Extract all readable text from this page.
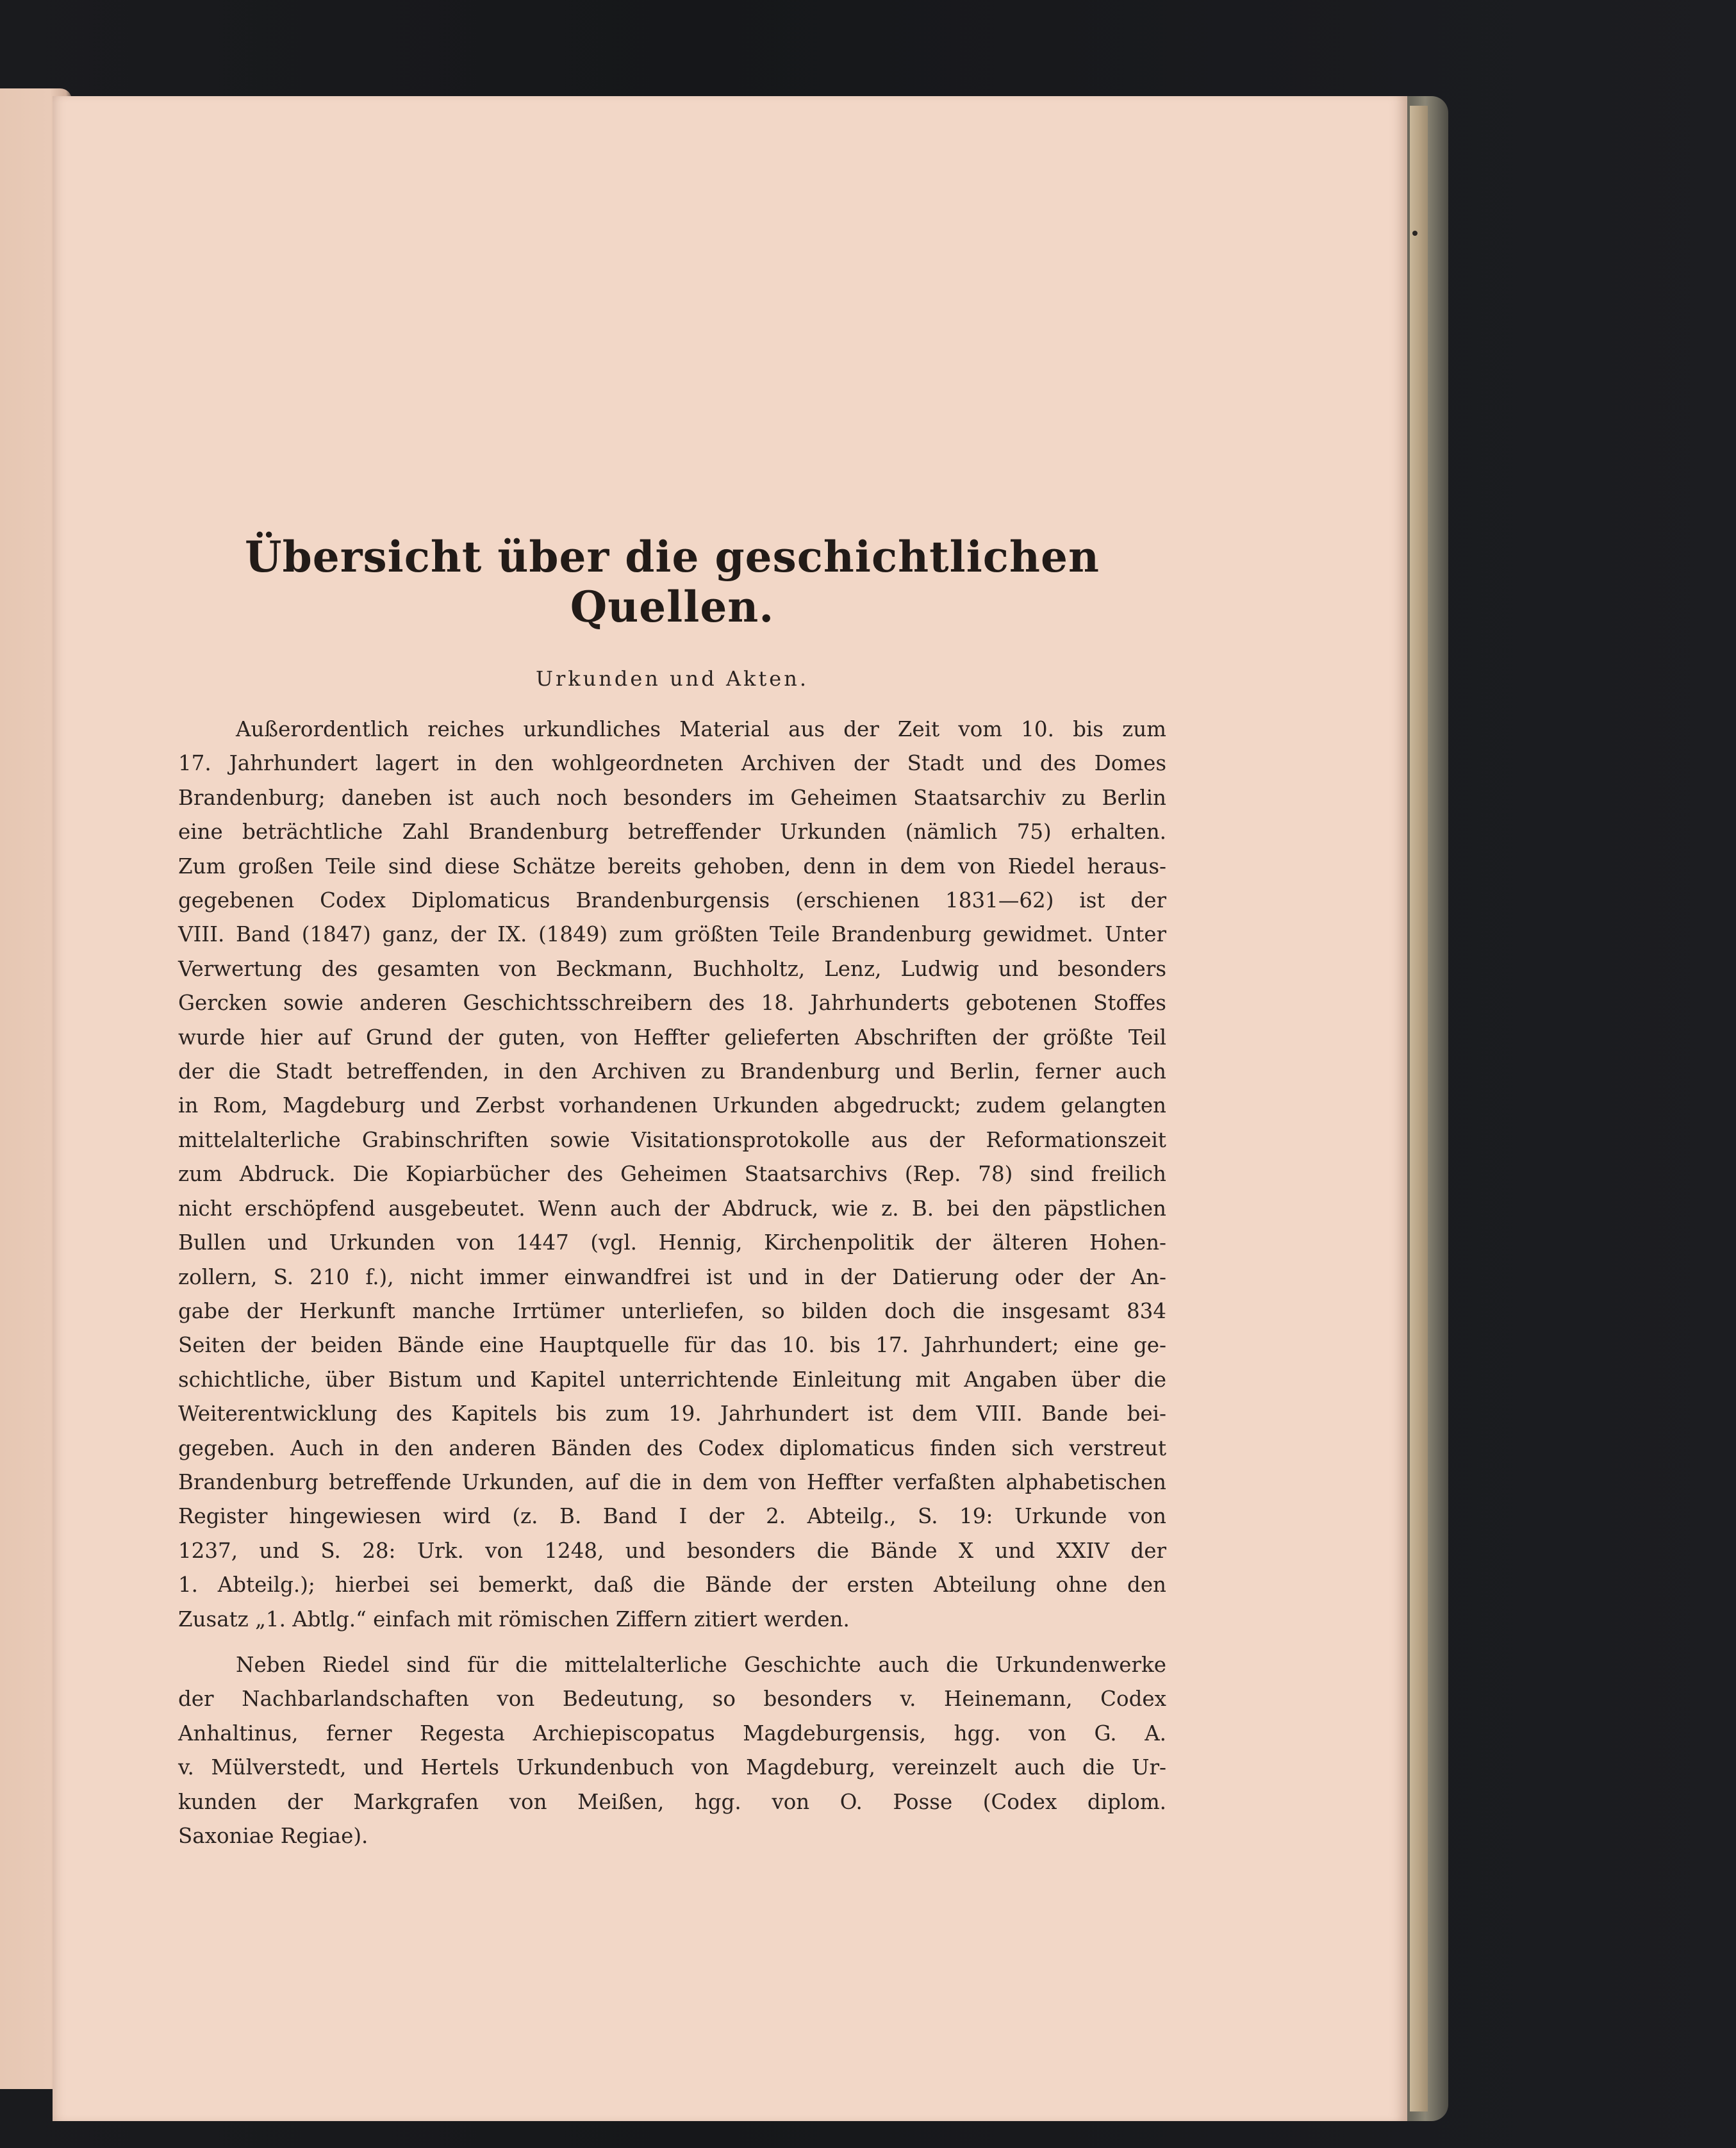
Übersicht über die geschichtlichen Quellen.
Urkunden und Akten.
Außerordentlich reiches urkundliches Material aus der Zeit vom 10. bis zum
17. Jahrhundert lagert in den wohlgeordneten Archiven der Stadt und des Domes
Brandenburg; daneben ist auch noch besonders im Geheimen Staatsarchiv zu Berlin
eine beträchtliche Zahl Brandenburg betreffender Urkunden (nämlich 75) erhalten.
Zum großen Teile sind diese Schätze bereits gehoben, denn in dem von Riedel heraus-
gegebenen Codex Diplomaticus Brandenburgensis (erschienen 1831—62) ist der
VIII. Band (1847) ganz, der IX. (1849) zum größten Teile Brandenburg gewidmet. Unter
Verwertung des gesamten von Beckmann, Buchholtz, Lenz, Ludwig und besonders
Gercken sowie anderen Geschichtsschreibern des 18. Jahrhunderts gebotenen Stoffes
wurde hier auf Grund der guten, von Heffter gelieferten Abschriften der größte Teil
der die Stadt betreffenden, in den Archiven zu Brandenburg und Berlin, ferner auch
in Rom, Magdeburg und Zerbst vorhandenen Urkunden abgedruckt; zudem gelangten
mittelalterliche Grabinschriften sowie Visitationsprotokolle aus der Reformationszeit
zum Abdruck. Die Kopiarbücher des Geheimen Staatsarchivs (Rep. 78) sind freilich
nicht erschöpfend ausgebeutet. Wenn auch der Abdruck, wie z. B. bei den päpstlichen
Bullen und Urkunden von 1447 (vgl. Hennig, Kirchenpolitik der älteren Hohen-
zollern, S. 210 f.), nicht immer einwandfrei ist und in der Datierung oder der An-
gabe der Herkunft manche Irrtümer unterliefen, so bilden doch die insgesamt 834
Seiten der beiden Bände eine Hauptquelle für das 10. bis 17. Jahrhundert; eine ge-
schichtliche, über Bistum und Kapitel unterrichtende Einleitung mit Angaben über die
Weiterentwicklung des Kapitels bis zum 19. Jahrhundert ist dem VIII. Bande bei-
gegeben. Auch in den anderen Bänden des Codex diplomaticus finden sich verstreut
Brandenburg betreffende Urkunden, auf die in dem von Heffter verfaßten alphabetischen
Register hingewiesen wird (z. B. Band I der 2. Abteilg., S. 19: Urkunde von
1237, und S. 28: Urk. von 1248, und besonders die Bände X und XXIV der
1. Abteilg.); hierbei sei bemerkt, daß die Bände der ersten Abteilung ohne den
Zusatz „1. Abtlg.“ einfach mit römischen Ziffern zitiert werden.
Neben Riedel sind für die mittelalterliche Geschichte auch die Urkundenwerke
der Nachbarlandschaften von Bedeutung, so besonders v. Heinemann, Codex
Anhaltinus, ferner Regesta Archiepiscopatus Magdeburgensis, hgg. von G. A.
v. Mülverstedt, und Hertels Urkundenbuch von Magdeburg, vereinzelt auch die Ur-
kunden der Markgrafen von Meißen, hgg. von O. Posse (Codex diplom.
Saxoniae Regiae).
